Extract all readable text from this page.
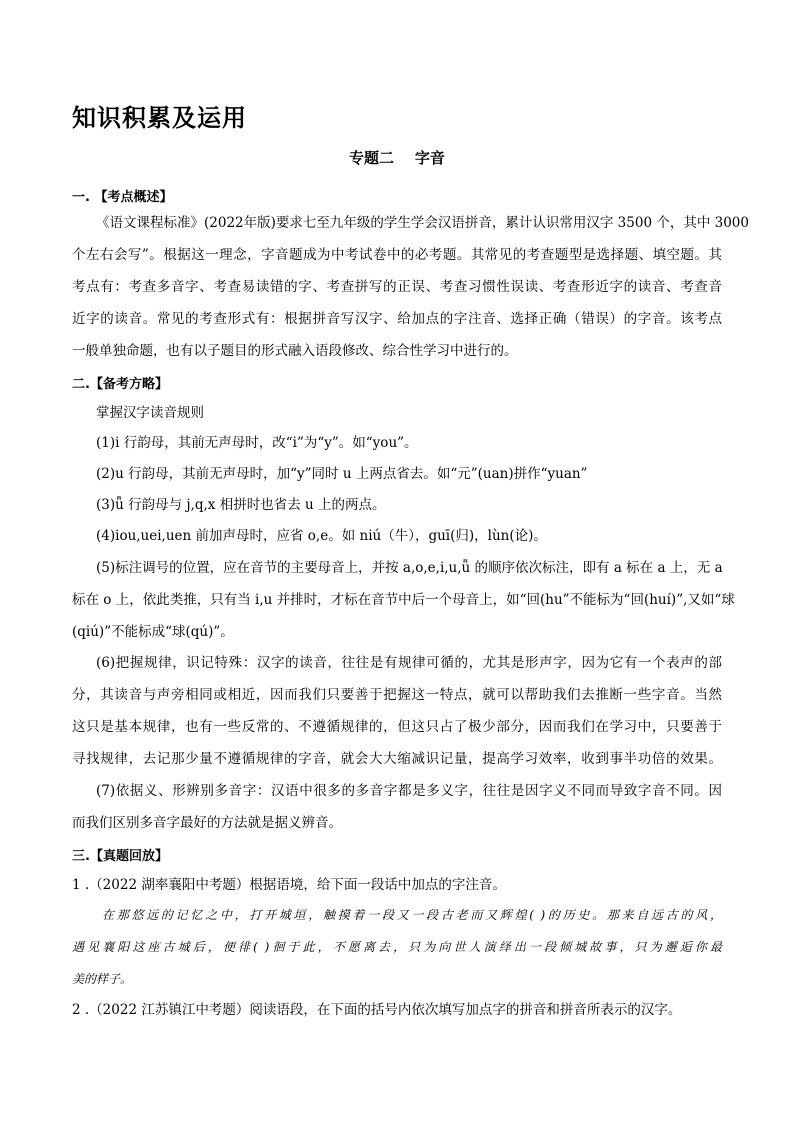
知识积累及运用
专题二    字音
一. 【考点概述】
《语文课程标准》(2022年版)要求七至九年级的学生学会汉语拼音，累计认识常用汉字 3500 个，其中 3000
个左右会写”。根据这一理念，字音题成为中考试卷中的必考题。其常见的考查题型是选择题、填空题。其
考点有：考查多音字、考查易读错的字、考查拼写的正误、考查习惯性误读、考查形近字的读音、考查音
近字的读音。常见的考查形式有：根据拼音写汉字、给加点的字注音、选择正确（错误）的字音。该考点
一般单独命题，也有以子题目的形式融入语段修改、综合性学习中进行的。
二.【备考方略】
掌握汉字读音规则
(1)i 行韵母，其前无声母时，改“i”为“y”。如“you”。
(2)u 行韵母，其前无声母时，加“y”同时 u 上两点省去。如“元”(uan)拼作“yuan”
(3)ǖ 行韵母与 j,q,x 相拼时也省去 u 上的两点。
(4)iou,uei,uen 前加声母时，应省 o,e。如 niú（牛），guī(归)，lùn(论)。
(5)标注调号的位置，应在音节的主要母音上，并按 a,o,e,i,u,ǖ 的顺序依次标注，即有 a 标在 a 上，无 a
标在 o 上，依此类推，只有当 i,u 并排时，才标在音节中后一个母音上，如“回(hu”不能标为“回(huí)”,又如“球
(qiú)”不能标成“球(qú)”。
(6)把握规律，识记特殊：汉字的读音，往往是有规律可循的，尤其是形声字，因为它有一个表声的部
分，其读音与声旁相同或相近，因而我们只要善于把握这一特点，就可以帮助我们去推断一些字音。当然
这只是基本规律，也有一些反常的、不遵循规律的，但这只占了极少部分，因而我们在学习中，只要善于
寻找规律，去记那少量不遵循规律的字音，就会大大缩减识记量，提高学习效率，收到事半功倍的效果。
(7)依据义、形辨别多音字：汉语中很多的多音字都是多义字，往往是因字义不同而导致字音不同。因
而我们区别多音字最好的方法就是据义辨音。
三.【真题回放】
1 .（2022 湖率襄阳中考题）根据语境，给下面一段话中加点的字注音。
在那悠远的记忆之中，打开城垣，触摸着一段又一段古老而又辉煌( )的历史。那来自远古的风，
遇见襄阳这座古城后，便徘( )徊于此，不愿离去，只为向世人演绎出一段倾城故事，只为邂逅你最
美的样子。
2 .（2022 江苏镇江中考题）阅读语段，在下面的括号内依次填写加点字的拼音和拼音所表示的汉字。
